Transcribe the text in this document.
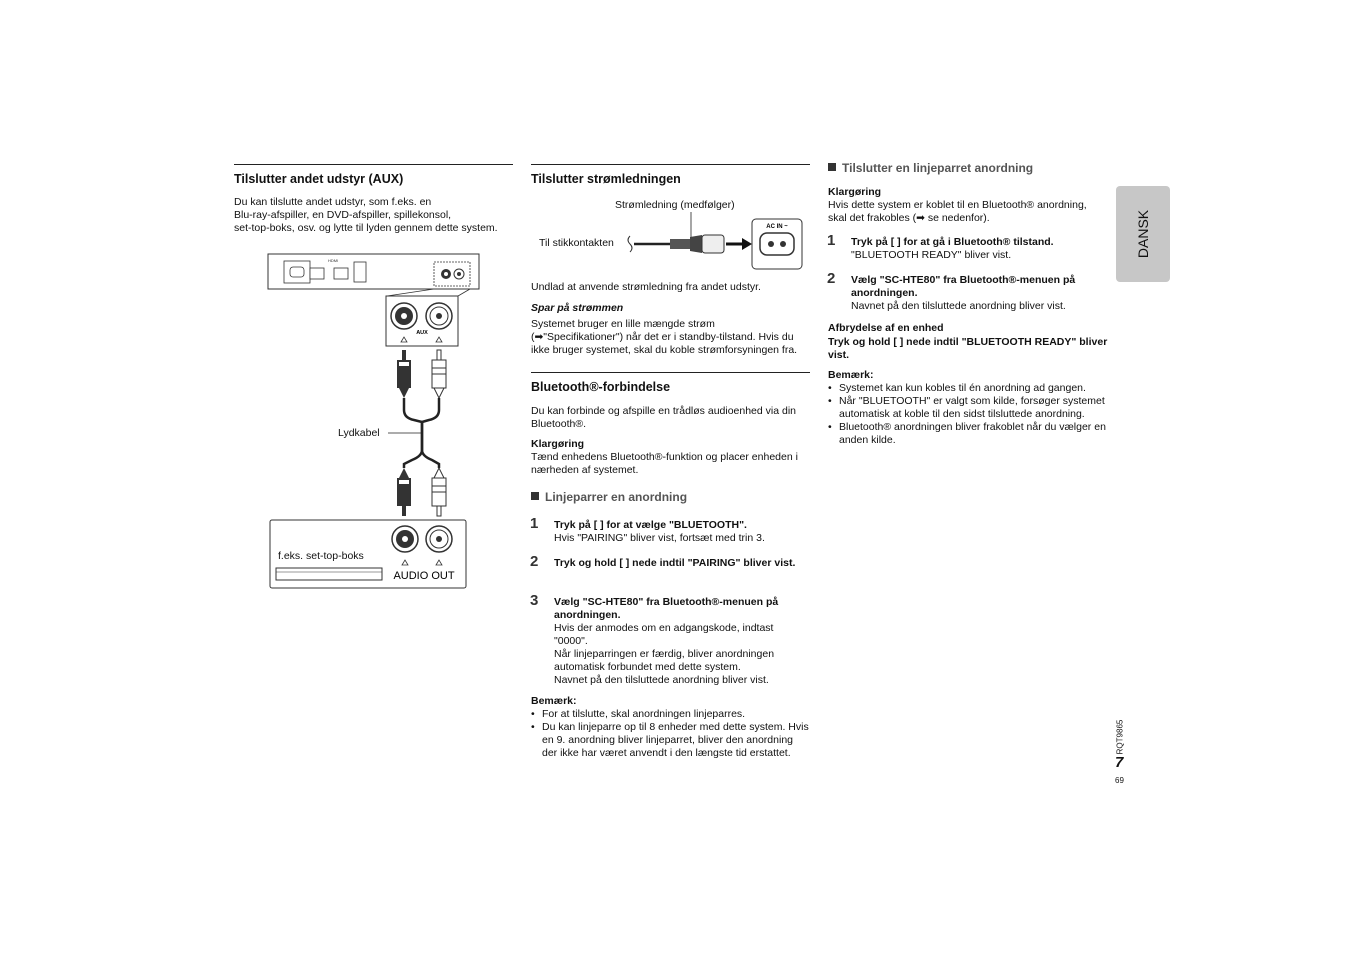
DANSK
Tilslutter andet udstyr (AUX)
Du kan tilslutte andet udstyr, som f.eks. en
Blu-ray-afspiller, en DVD-afspiller, spillekonsol,
set-top-boks, osv. og lytte til lyden gennem dette system.
HDMI
AUX
AUDIO OUT
Lydkabel
f.eks. set-top-boks
Tilslutter strømledningen
Strømledning (medfølger)
Til stikkontakten
AC IN ~
Undlad at anvende strømledning fra andet udstyr.
Spar på strømmen
Systemet bruger en lille mængde strøm
(➡"Specifikationer") når det er i standby-tilstand. Hvis du
ikke bruger systemet, skal du koble strømforsyningen fra.
Bluetooth®-forbindelse
Du kan forbinde og afspille en trådløs audioenhed via din
Bluetooth®.
Klargøring
Tænd enhedens Bluetooth®-funktion og placer enheden i
nærheden af systemet.
Linjeparrer en anordning
1 Tryk på [ ] for at vælge "BLUETOOTH".
Hvis "PAIRING" bliver vist, fortsæt med trin 3.
2 Tryk og hold [ ] nede indtil "PAIRING" bliver vist.
3 Vælg "SC-HTE80" fra Bluetooth®-menuen på anordningen.
Hvis der anmodes om en adgangskode, indtast
"0000".
Når linjeparringen er færdig, bliver anordningen
automatisk forbundet med dette system.
Navnet på den tilsluttede anordning bliver vist.
Bemærk:
• For at tilslutte, skal anordningen linjeparres.
• Du kan linjeparre op til 8 enheder med dette system. Hvis en 9. anordning bliver linjeparret, bliver den anordning der ikke har været anvendt i den længste tid erstattet.
Tilslutter en linjeparret anordning
Klargøring
Hvis dette system er koblet til en Bluetooth® anordning,
skal det frakobles (➡ se nedenfor).
1 Tryk på [ ] for at gå i Bluetooth® tilstand.
"BLUETOOTH READY" bliver vist.
2 Vælg "SC-HTE80" fra Bluetooth®-menuen på anordningen.
Navnet på den tilsluttede anordning bliver vist.
Afbrydelse af en enhed
Tryk og hold [ ] nede indtil "BLUETOOTH READY" bliver vist.
Bemærk:
• Systemet kan kun kobles til én anordning ad gangen.
• Når "BLUETOOTH" er valgt som kilde, forsøger systemet automatisk at koble til den sidst tilsluttede anordning.
• Bluetooth® anordningen bliver frakoblet når du vælger en anden kilde.
RQT9865
7
69
